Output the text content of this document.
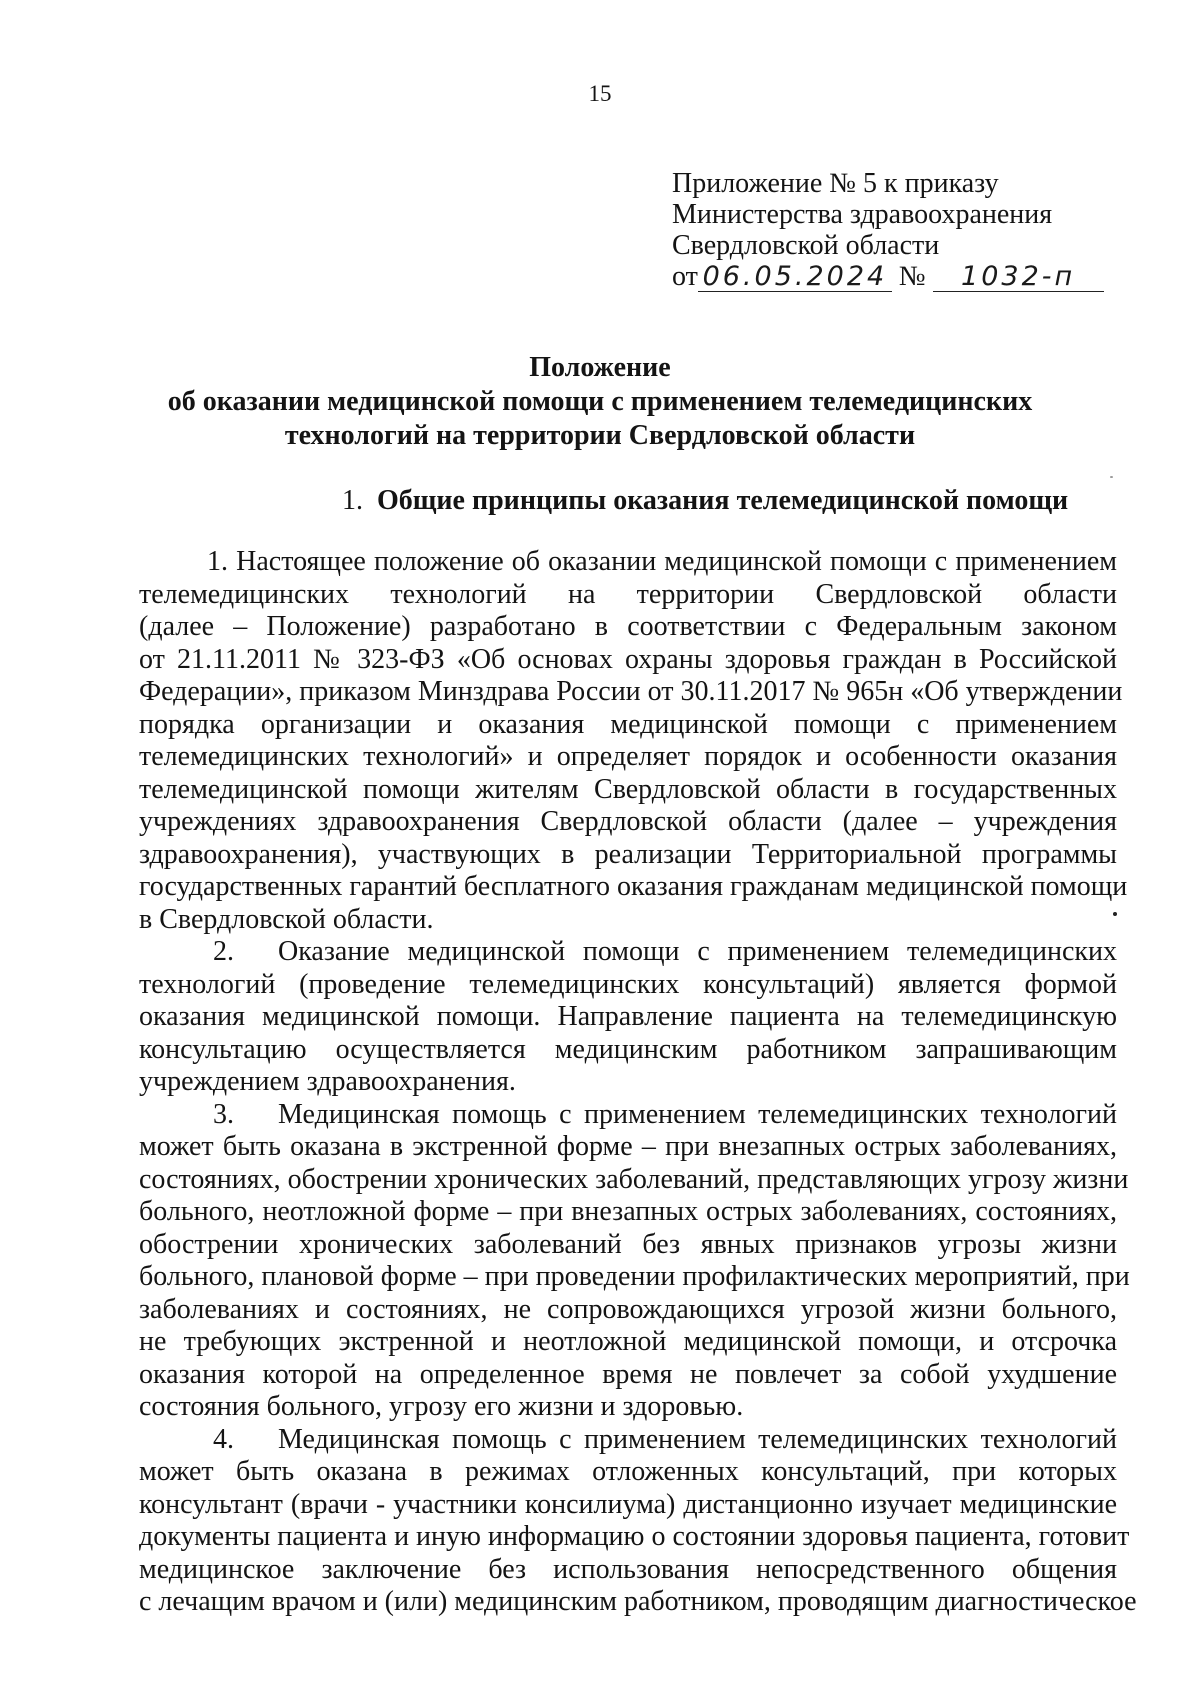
15
Приложение № 5 к приказу
Министерства здравоохранения
Свердловской области
от 06.05.2024 № 1032-п
Положение
об оказании медицинской помощи с применением телемедицинских
технологий на территории Свердловской области
1. Общие принципы оказания телемедицинской помощи
1. Настоящее положение об оказании медицинской помощи с применением
телемедицинских технологий на территории Свердловской области
(далее – Положение) разработано в соответствии с Федеральным законом
от 21.11.2011 № 323-ФЗ «Об основах охраны здоровья граждан в Российской
Федерации», приказом Минздрава России от 30.11.2017 № 965н «Об утверждении
порядка организации и оказания медицинской помощи с применением
телемедицинских технологий» и определяет порядок и особенности оказания
телемедицинской помощи жителям Свердловской области в государственных
учреждениях здравоохранения Свердловской области (далее – учреждения
здравоохранения), участвующих в реализации Территориальной программы
государственных гарантий бесплатного оказания гражданам медицинской помощи
в Свердловской области.
2. Оказание медицинской помощи с применением телемедицинских
технологий (проведение телемедицинских консультаций) является формой
оказания медицинской помощи. Направление пациента на телемедицинскую
консультацию осуществляется медицинским работником запрашивающим
учреждением здравоохранения.
3. Медицинская помощь с применением телемедицинских технологий
может быть оказана в экстренной форме – при внезапных острых заболеваниях,
состояниях, обострении хронических заболеваний, представляющих угрозу жизни
больного, неотложной форме – при внезапных острых заболеваниях, состояниях,
обострении хронических заболеваний без явных признаков угрозы жизни
больного, плановой форме – при проведении профилактических мероприятий, при
заболеваниях и состояниях, не сопровождающихся угрозой жизни больного,
не требующих экстренной и неотложной медицинской помощи, и отсрочка
оказания которой на определенное время не повлечет за собой ухудшение
состояния больного, угрозу его жизни и здоровью.
4. Медицинская помощь с применением телемедицинских технологий
может быть оказана в режимах отложенных консультаций, при которых
консультант (врачи - участники консилиума) дистанционно изучает медицинские
документы пациента и иную информацию о состоянии здоровья пациента, готовит
медицинское заключение без использования непосредственного общения
с лечащим врачом и (или) медицинским работником, проводящим диагностическое
